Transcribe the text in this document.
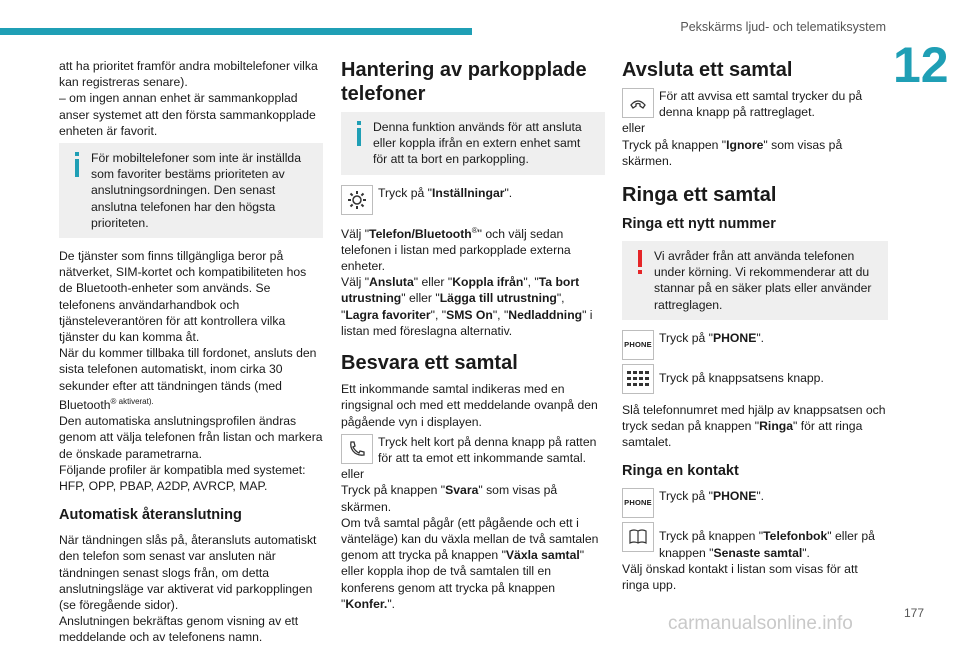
Pekskärms ljud- och telematiksystem
12

att ha prioritet framför andra mobiltelefoner vilka kan registreras senare).

– om ingen annan enhet är sammankopplad anser systemet att den första sammankopplade enheten är favorit.

För mobiltelefoner som inte är inställda som favoriter bestäms prioriteten av anslutningsordningen. Den senast anslutna telefonen har den högsta prioriteten.

De tjänster som finns tillgängliga beror på nätverket, SIM-kortet och kompatibiliteten hos de Bluetooth-enheter som används. Se telefonens användarhandbok och tjänsteleverantören för att kontrollera vilka tjänster du kan komma åt.

När du kommer tillbaka till fordonet, ansluts den sista telefonen automatiskt, inom cirka 30 sekunder efter att tändningen tänds (med Bluetooth$^{® aktiverat).}$

Den automatiska anslutningsprofilen ändras genom att välja telefonen från listan och markera de önskade parametrarna.

Följande profiler är kompatibla med systemet: HFP, OPP, PBAP, A2DP, AVRCP, MAP.

Automatisk återanslutning

När tändningen slås på, återansluts automatiskt den telefon som senast var ansluten när tändningen senast slogs från, om detta anslutningsläge var aktiverat vid parkopplingen (se föregående sidor).

Anslutningen bekräftas genom visning av ett meddelande och av telefonens namn.

Hantering av parkopplade telefoner

Denna funktion används för att ansluta eller koppla ifrån en extern enhet samt för att ta bort en parkoppling.

Tryck på "Inställningar".

Välj "Telefon/Bluetooth®" och välj sedan telefonen i listan med parkopplade externa enheter.

Välj "Ansluta" eller "Koppla ifrån", "Ta bort utrustning" eller "Lägga till utrustning", "Lagra favoriter", "SMS On", "Nedladdning" i listan med föreslagna alternativ.

Besvara ett samtal

Ett inkommande samtal indikeras med en ringsignal och med ett meddelande ovanpå den pågående vyn i displayen.

Tryck helt kort på denna knapp på ratten för att ta emot ett inkommande samtal.

eller

Tryck på knappen "Svara" som visas på skärmen.

Om två samtal pågår (ett pågående och ett i vänteläge) kan du växla mellan de två samtalen genom att trycka på knappen "Växla samtal" eller koppla ihop de två samtalen till en konferens genom att trycka på knappen "Konfer.".

Avsluta ett samtal

För att avvisa ett samtal trycker du på denna knapp på rattreglaget.

eller

Tryck på knappen "Ignore" som visas på skärmen.

Ringa ett samtal
Ringa ett nytt nummer

Vi avråder från att använda telefonen under körning. Vi rekommenderar att du stannar på en säker plats eller använder rattreglagen.

PHONE Tryck på "PHONE".

Tryck på knappsatsens knapp.

Slå telefonnumret med hjälp av knappsatsen och tryck sedan på knappen "Ringa" för att ringa samtalet.

Ringa en kontakt
PHONE Tryck på "PHONE".

Tryck på knappen "Telefonbok" eller på knappen "Senaste samtal".

Välj önskad kontakt i listan som visas för att ringa upp.

carmanualsonline.info	177
